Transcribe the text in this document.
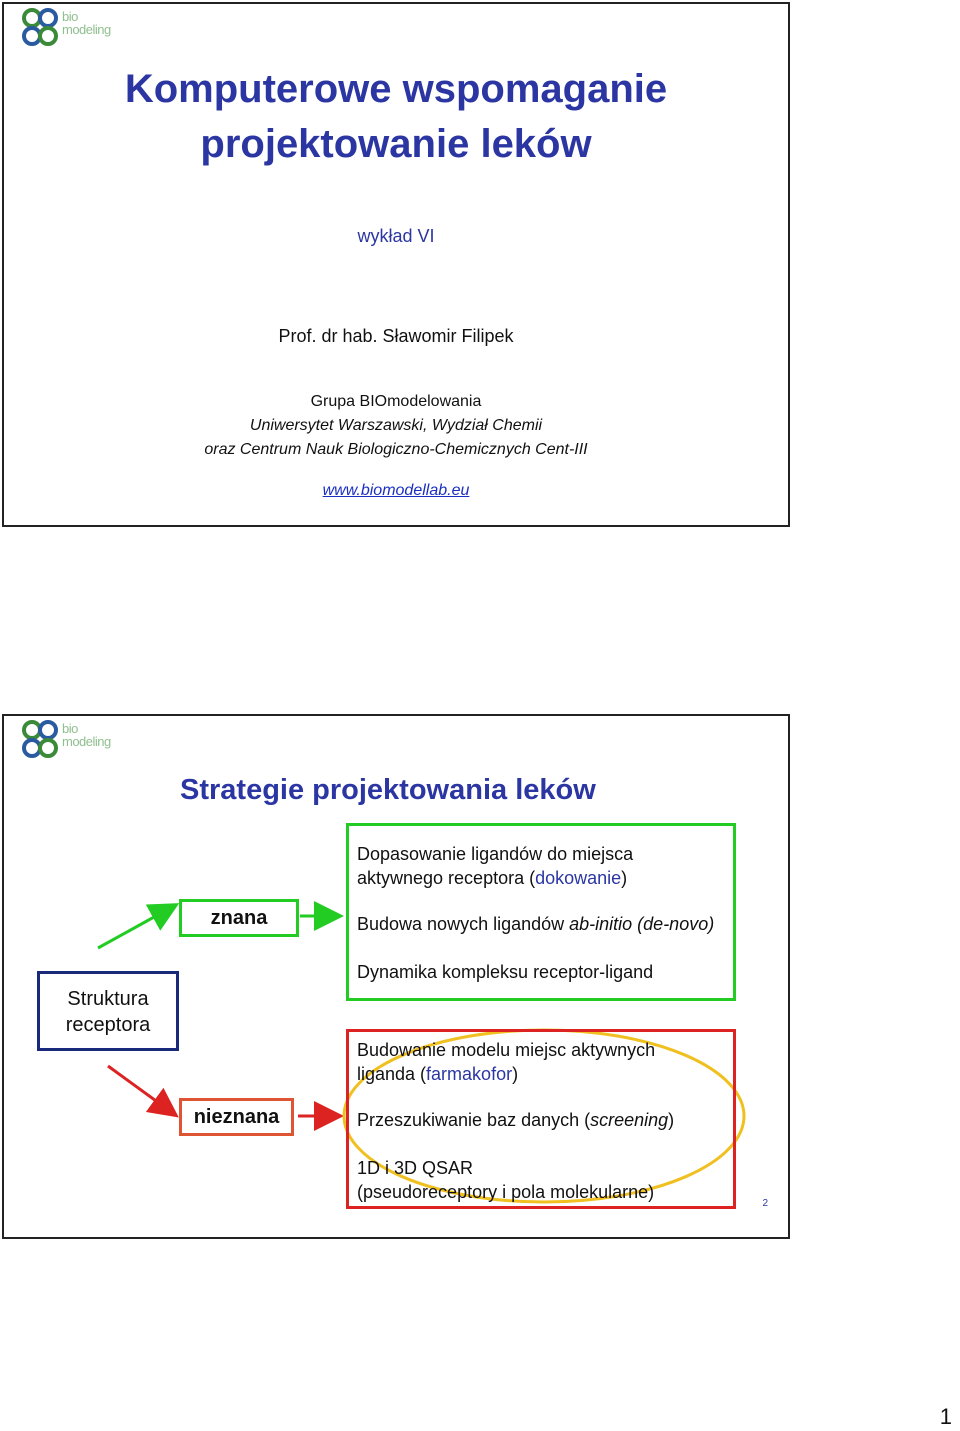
bio
modeling
Komputerowe wspomaganie
projektowanie leków
wykład VI
Prof. dr hab. Sławomir Filipek
Grupa BIOmodelowania
Uniwersytet Warszawski, Wydział Chemii
oraz Centrum Nauk Biologiczno-Chemicznych Cent-III
www.biomodellab.eu
bio
modeling
Strategie projektowania leków
Struktura
receptora
znana
nieznana
Dopasowanie ligandów do miejsca
aktywnego receptora (dokowanie)
Budowa nowych ligandów ab-initio (de-novo)
Dynamika kompleksu receptor-ligand
Budowanie modelu miejsc aktywnych
liganda (farmakofor)
Przeszukiwanie baz danych (screening)
1D i 3D QSAR
(pseudoreceptory i pola molekularne)
2
1
